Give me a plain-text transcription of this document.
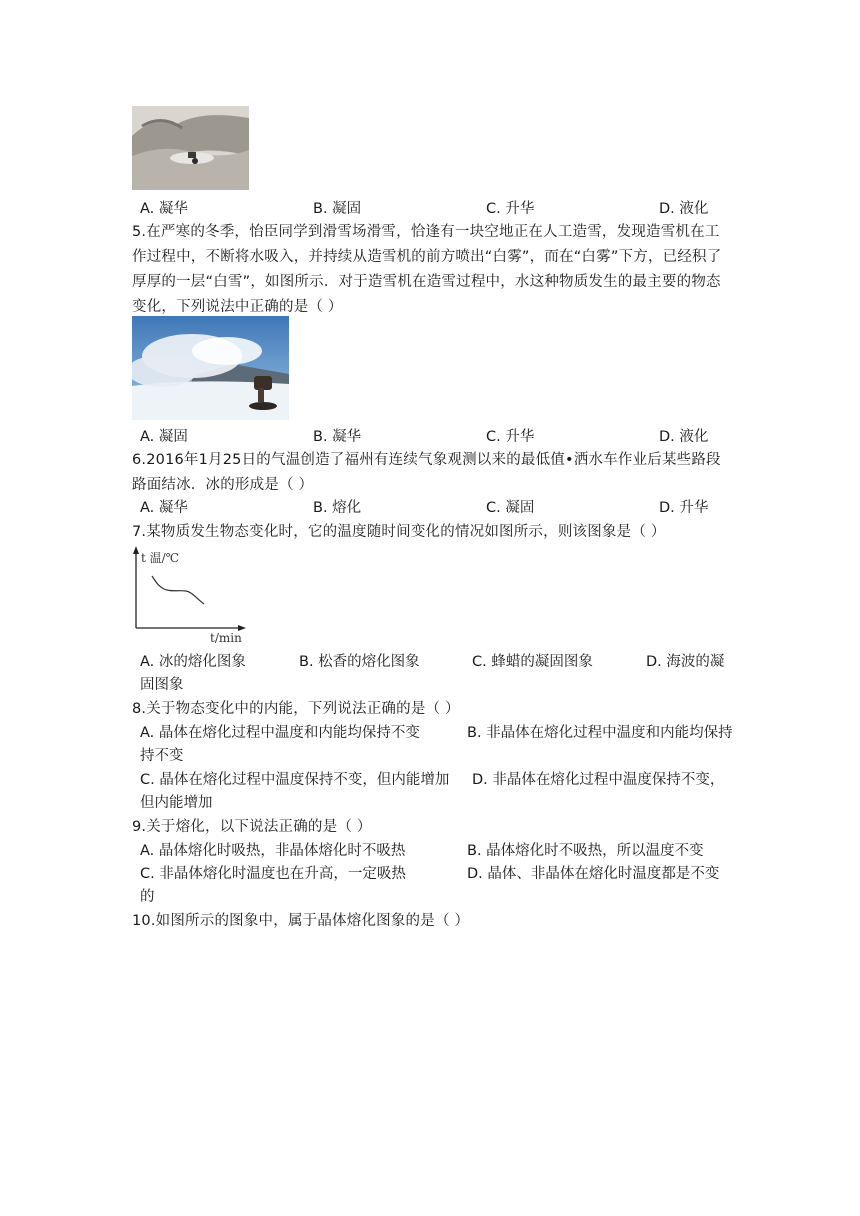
A. 凝华	B. 凝固	C. 升华	D. 液化
5.在严寒的冬季，怡臣同学到滑雪场滑雪，恰逢有一块空地正在人工造雪，发现造雪机在工
作过程中，不断将水吸入，并持续从造雪机的前方喷出“白雾”，而在“白雾”下方，已经积了
厚厚的一层“白雪”，如图所示．对于造雪机在造雪过程中，水这种物质发生的最主要的物态
变化，下列说法中正确的是（ ）
A. 凝固	B. 凝华	C. 升华	D. 液化
6.2016年1月25日的气温创造了福州有连续气象观测以来的最低值•洒水车作业后某些路段
路面结冰．冰的形成是（ ）
A. 凝华	B. 熔化	C. 凝固	D. 升华
7.某物质发生物态变化时，它的温度随时间变化的情况如图所示，则该图象是（ ）
t 温/℃
t/min
A. 冰的熔化图象	B. 松香的熔化图象	C. 蜂蜡的凝固图象	D. 海波的凝
固图象
8.关于物态变化中的内能，下列说法正确的是（ ）
A. 晶体在熔化过程中温度和内能均保持不变	B. 非晶体在熔化过程中温度和内能均保持
持不变
C. 晶体在熔化过程中温度保持不变，但内能增加 D. 非晶体在熔化过程中温度保持不变，
但内能增加
9.关于熔化，以下说法正确的是（ ）
A. 晶体熔化时吸热，非晶体熔化时不吸热	B. 晶体熔化时不吸热，所以温度不变
C. 非晶体熔化时温度也在升高，一定吸热	D. 晶体、非晶体在熔化时温度都是不变
的
10.如图所示的图象中，属于晶体熔化图象的是（ ）
